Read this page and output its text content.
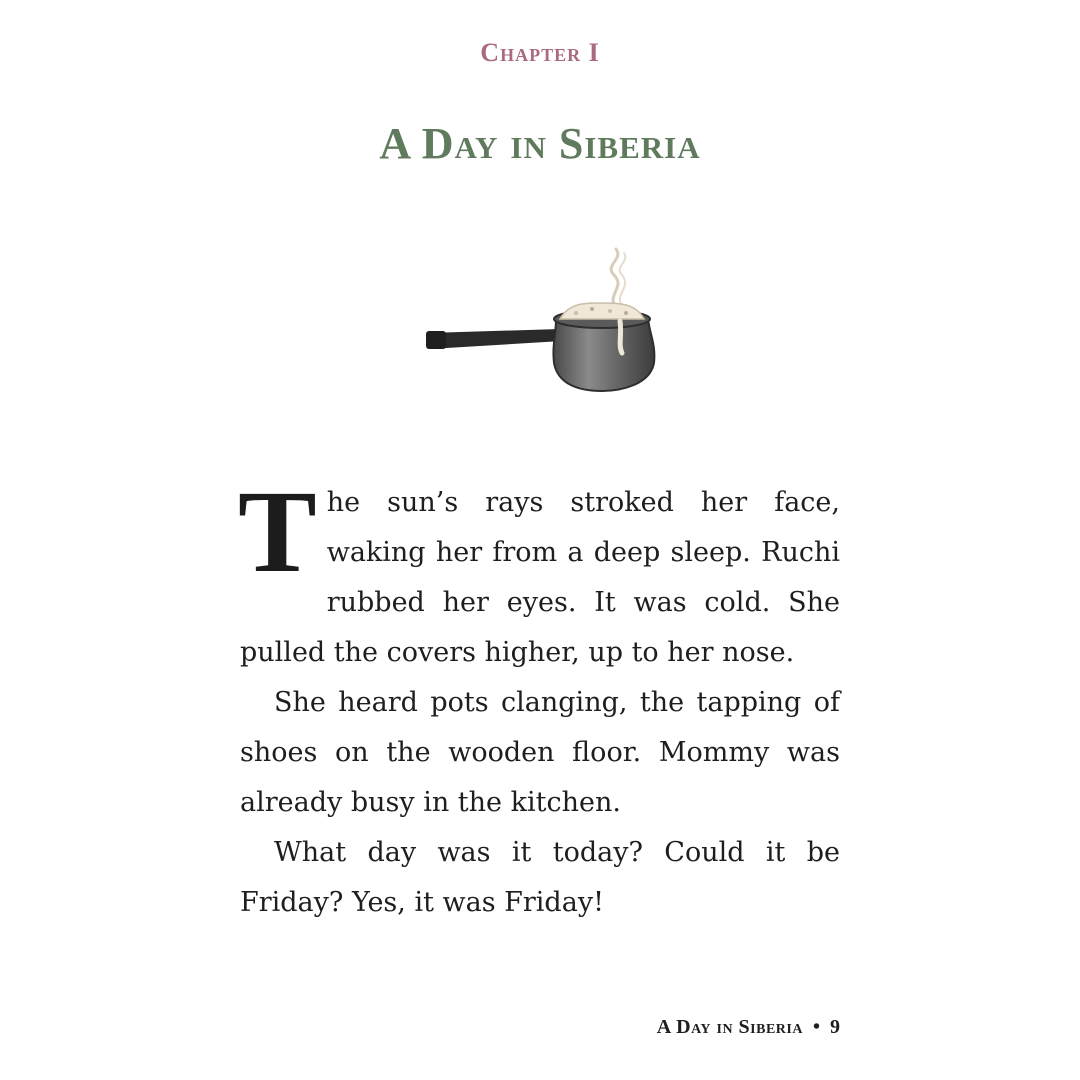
Chapter I
A Day in Siberia

The sun’s rays stroked her face, waking her from a deep sleep. Ruchi rubbed her eyes. It was cold. She pulled the covers higher, up to her nose.

She heard pots clanging, the tapping of shoes on the wooden floor. Mommy was already busy in the kitchen.

What day was it today? Could it be Friday? Yes, it was Friday!

A Day in Siberia • 9
